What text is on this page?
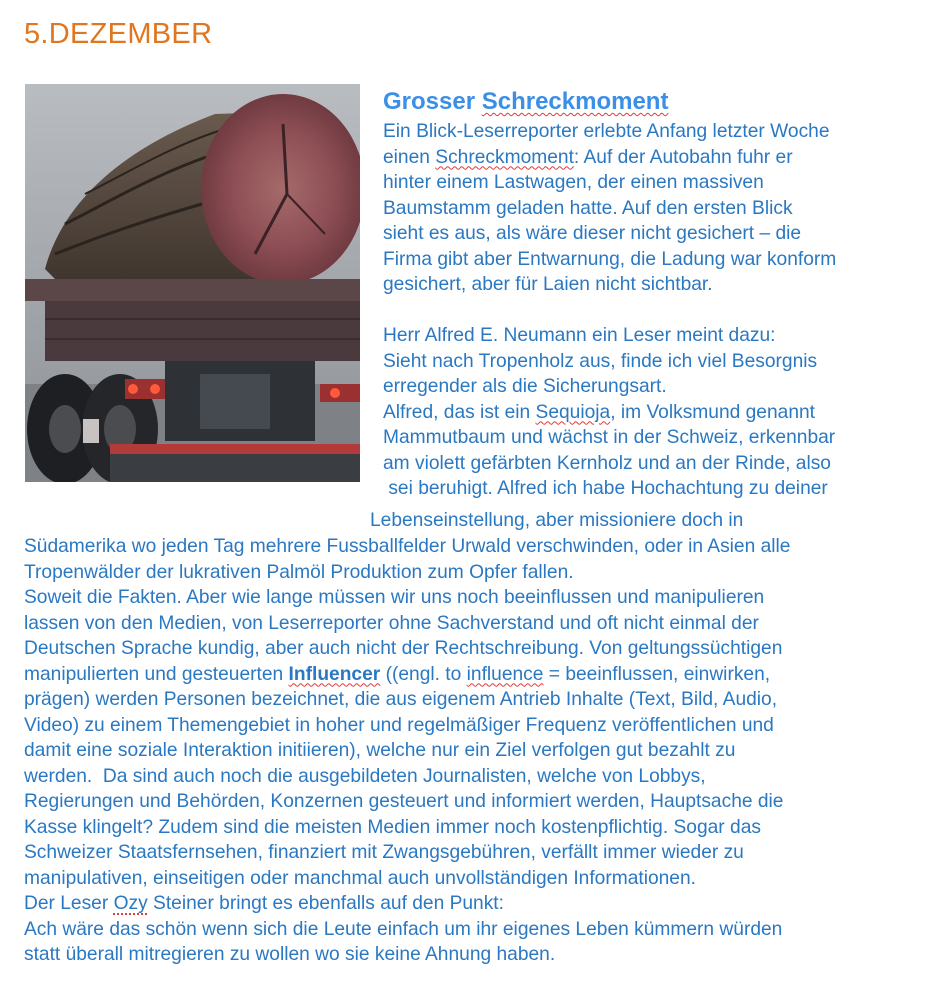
5.DEZEMBER
Grosser Schreckmoment

Ein Blick-Leserreporter erlebte Anfang letzter Woche

einen Schreckmoment: Auf der Autobahn fuhr er

hinter einem Lastwagen, der einen massiven

Baumstamm geladen hatte. Auf den ersten Blick

sieht es aus, als wäre dieser nicht gesichert – die

Firma gibt aber Entwarnung, die Ladung war konform

gesichert, aber für Laien nicht sichtbar.

Herr Alfred E. Neumann ein Leser meint dazu:

Sieht nach Tropenholz aus, finde ich viel Besorgnis

erregender als die Sicherungsart.

Alfred, das ist ein Sequioja, im Volksmund genannt

Mammutbaum und wächst in der Schweiz, erkennbar

am violett gefärbten Kernholz und an der Rinde, also

sei beruhigt. Alfred ich habe Hochachtung zu deiner

Lebenseinstellung, aber missioniere doch in

Südamerika wo jeden Tag mehrere Fussballfelder Urwald verschwinden, oder in Asien alle

Tropenwälder der lukrativen Palmöl Produktion zum Opfer fallen.

Soweit die Fakten. Aber wie lange müssen wir uns noch beeinflussen und manipulieren

lassen von den Medien, von Leserreporter ohne Sachverstand und oft nicht einmal der

Deutschen Sprache kundig, aber auch nicht der Rechtschreibung. Von geltungssüchtigen

manipulierten und gesteuerten Influencer ((engl. to influence = beeinflussen, einwirken,

prägen) werden Personen bezeichnet, die aus eigenem Antrieb Inhalte (Text, Bild, Audio,

Video) zu einem Themengebiet in hoher und regelmäßiger Frequenz veröffentlichen und

damit eine soziale Interaktion initiieren), welche nur ein Ziel verfolgen gut bezahlt zu

werden.  Da sind auch noch die ausgebildeten Journalisten, welche von Lobbys,

Regierungen und Behörden, Konzernen gesteuert und informiert werden, Hauptsache die

Kasse klingelt? Zudem sind die meisten Medien immer noch kostenpflichtig. Sogar das

Schweizer Staatsfernsehen, finanziert mit Zwangsgebühren, verfällt immer wieder zu

manipulativen, einseitigen oder manchmal auch unvollständigen Informationen.

Der Leser Ozy Steiner bringt es ebenfalls auf den Punkt:

Ach wäre das schön wenn sich die Leute einfach um ihr eigenes Leben kümmern würden

statt überall mitregieren zu wollen wo sie keine Ahnung haben.
